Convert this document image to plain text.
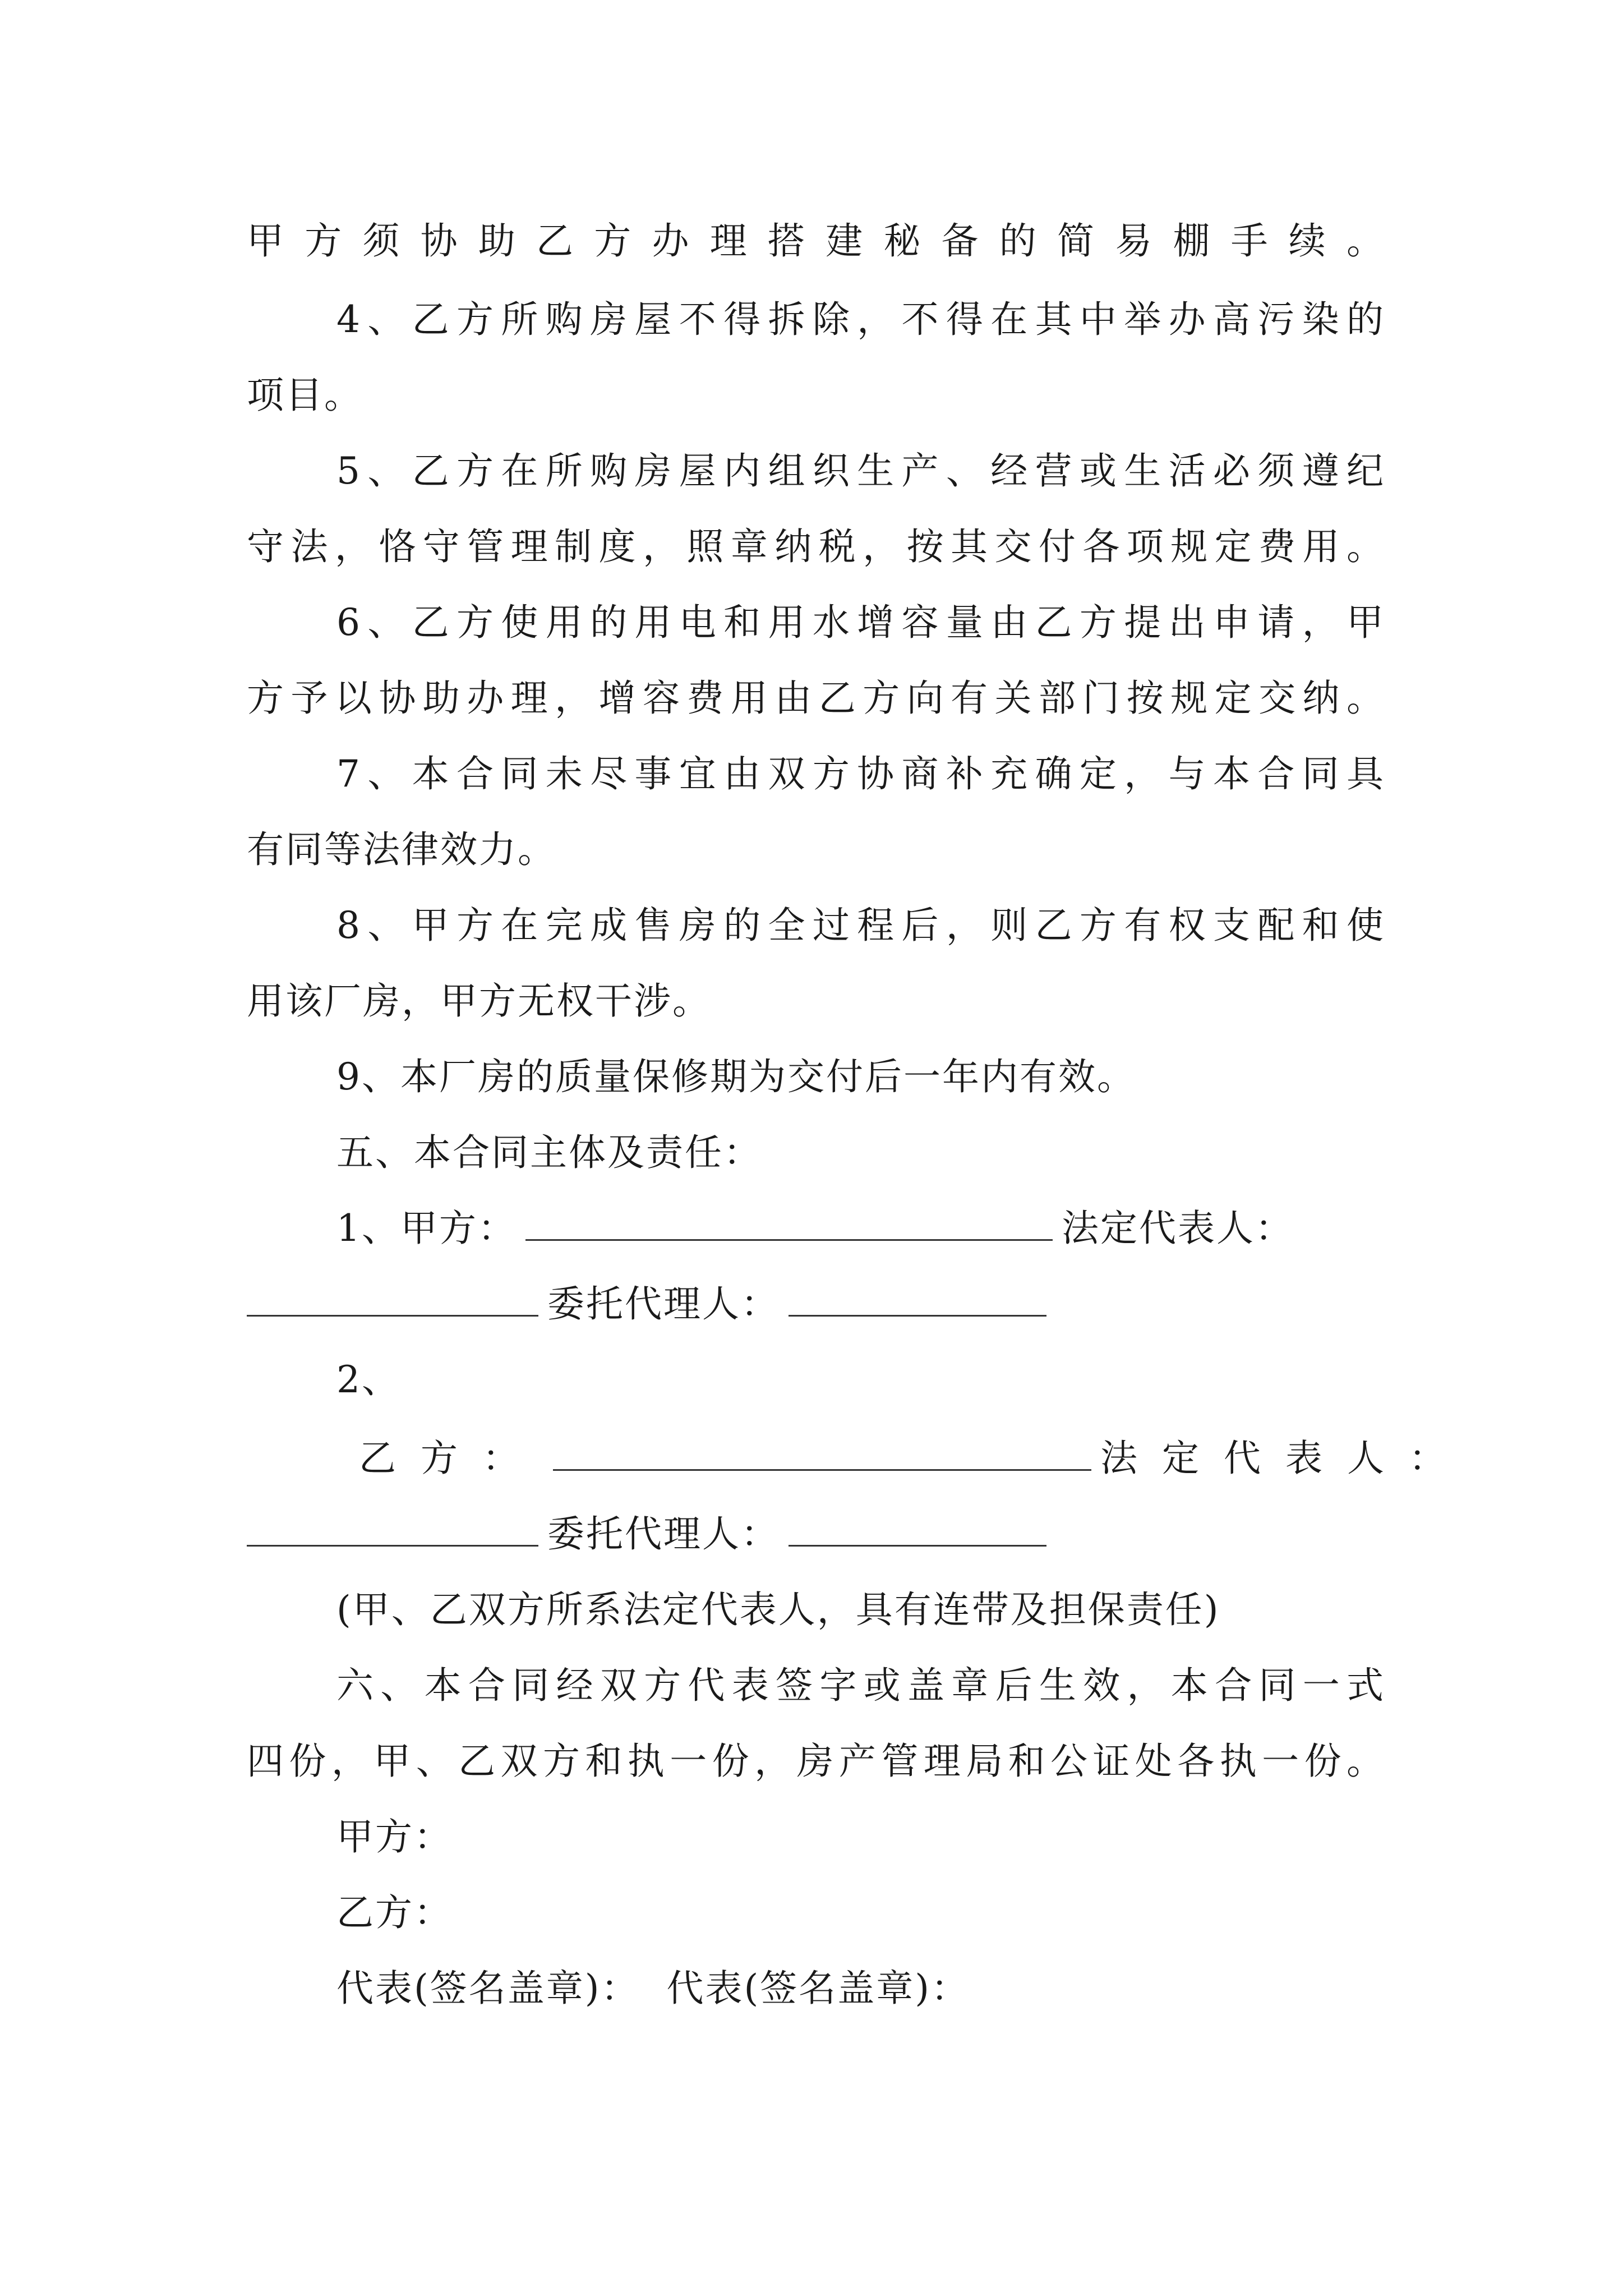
甲方须协助乙方办理搭建秘备的简易棚手续。
4、乙方所购房屋不得拆除，不得在其中举办高污染的
项目。
5、乙方在所购房屋内组织生产、经营或生活必须遵纪
守法，恪守管理制度，照章纳税，按其交付各项规定费用。
6、乙方使用的用电和用水增容量由乙方提出申请，甲
方予以协助办理，增容费用由乙方向有关部门按规定交纳。
7、本合同未尽事宜由双方协商补充确定，与本合同具
有同等法律效力。
8、甲方在完成售房的全过程后，则乙方有权支配和使
用该厂房，甲方无权干涉。
9、本厂房的质量保修期为交付后一年内有效。
五、本合同主体及责任：
1、甲方：	法定代表人：
委托代理人：
2、
乙方：	法定代表人：
委托代理人：
(甲、乙双方所系法定代表人，具有连带及担保责任)
六、本合同经双方代表签字或盖章后生效，本合同一式
四份，甲、乙双方和执一份，房产管理局和公证处各执一份。
甲方：
乙方：
代表(签名盖章)：  代表(签名盖章)：
